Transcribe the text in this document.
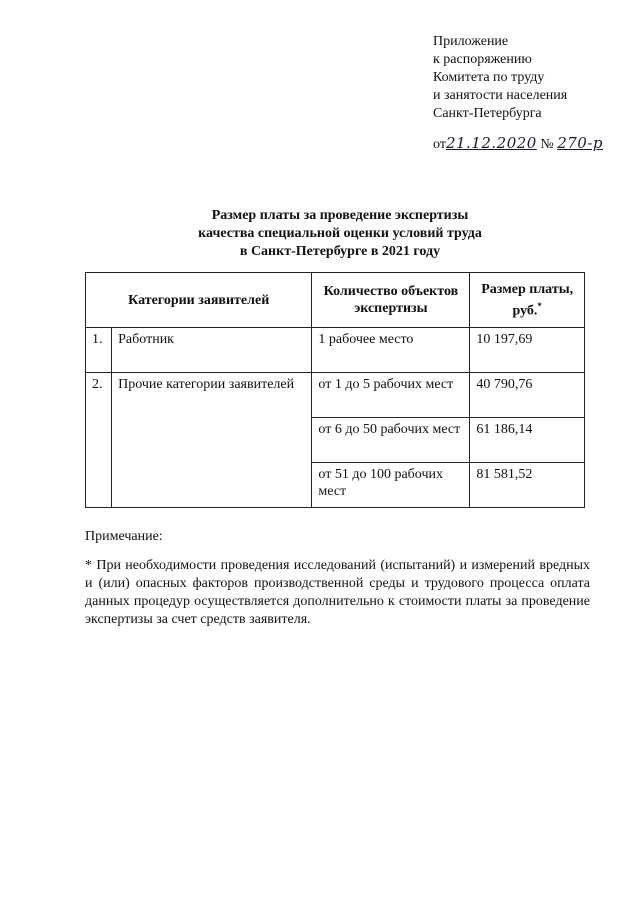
Приложение
к распоряжению
Комитета по труду
и занятости населения
Санкт-Петербурга
от21.12.2020 № 270-р
Размер платы за проведение экспертизы
качества специальной оценки условий труда
в Санкт-Петербурге в 2021 году
Категории заявителей		Количество объектов экспертизы	Размер платы, руб.*
1.	Работник	1 рабочее место	10 197,69
2.	Прочие категории заявителей	от 1 до 5 рабочих мест	40 790,76
		от 6 до 50 рабочих мест	61 186,14
		от 51 до 100 рабочих мест	81 581,52
Примечание:
* При необходимости проведения исследований (испытаний) и измерений вредных и (или) опасных факторов производственной среды и трудового процесса оплата данных процедур осуществляется дополнительно к стоимости платы за проведение экспертизы за счет средств заявителя.
